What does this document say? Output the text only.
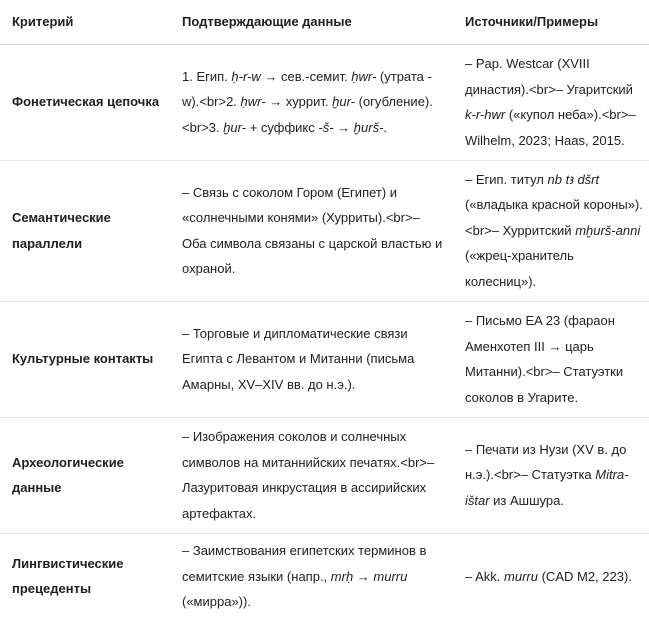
Критерий	Подтверждающие данные	Источники/Примеры
Фонетическая цепочка	1. Егип. ḥ-r-w → сев.-семит. ḥwr- (утрата -w).<br>2. ḥwr- → хуррит. ḫur- (огубление).<br>3. ḫur- + суффикс -š- → ḫurš-.	– Pap. Westcar (XVIII династия).<br>– Угаритский k-r-hwr («купол неба»).<br>– Wilhelm, 2023; Haas, 2015.
Семантические параллели	– Связь с соколом Гором (Египет) и «солнечными конями» (Хурриты).<br>– Оба символа связаны с царской властью и охраной.	– Егип. титул nb tꜣ dšrt («владыка красной короны»).<br>– Хурритский mḫurš-anni («жрец-хранитель колесниц»).
Культурные контакты	– Торговые и дипломатические связи Египта с Левантом и Митанни (письма Амарны, XV–XIV вв. до н.э.).	– Письмо EA 23 (фараон Аменхотеп III → царь Митанни).<br>– Статуэтки соколов в Угарите.
Археологические данные	– Изображения соколов и солнечных символов на митаннийских печатях.<br>– Лазуритовая инкрустация в ассирийских артефактах.	– Печати из Нузи (XV в. до н.э.).<br>– Статуэтка Mitra-ištar из Ашшура.
Лингвистические прецеденты	– Заимствования египетских терминов в семитские языки (напр., mrḥ → murru («мирра»)).	– Akk. murru (CAD M2, 223).
